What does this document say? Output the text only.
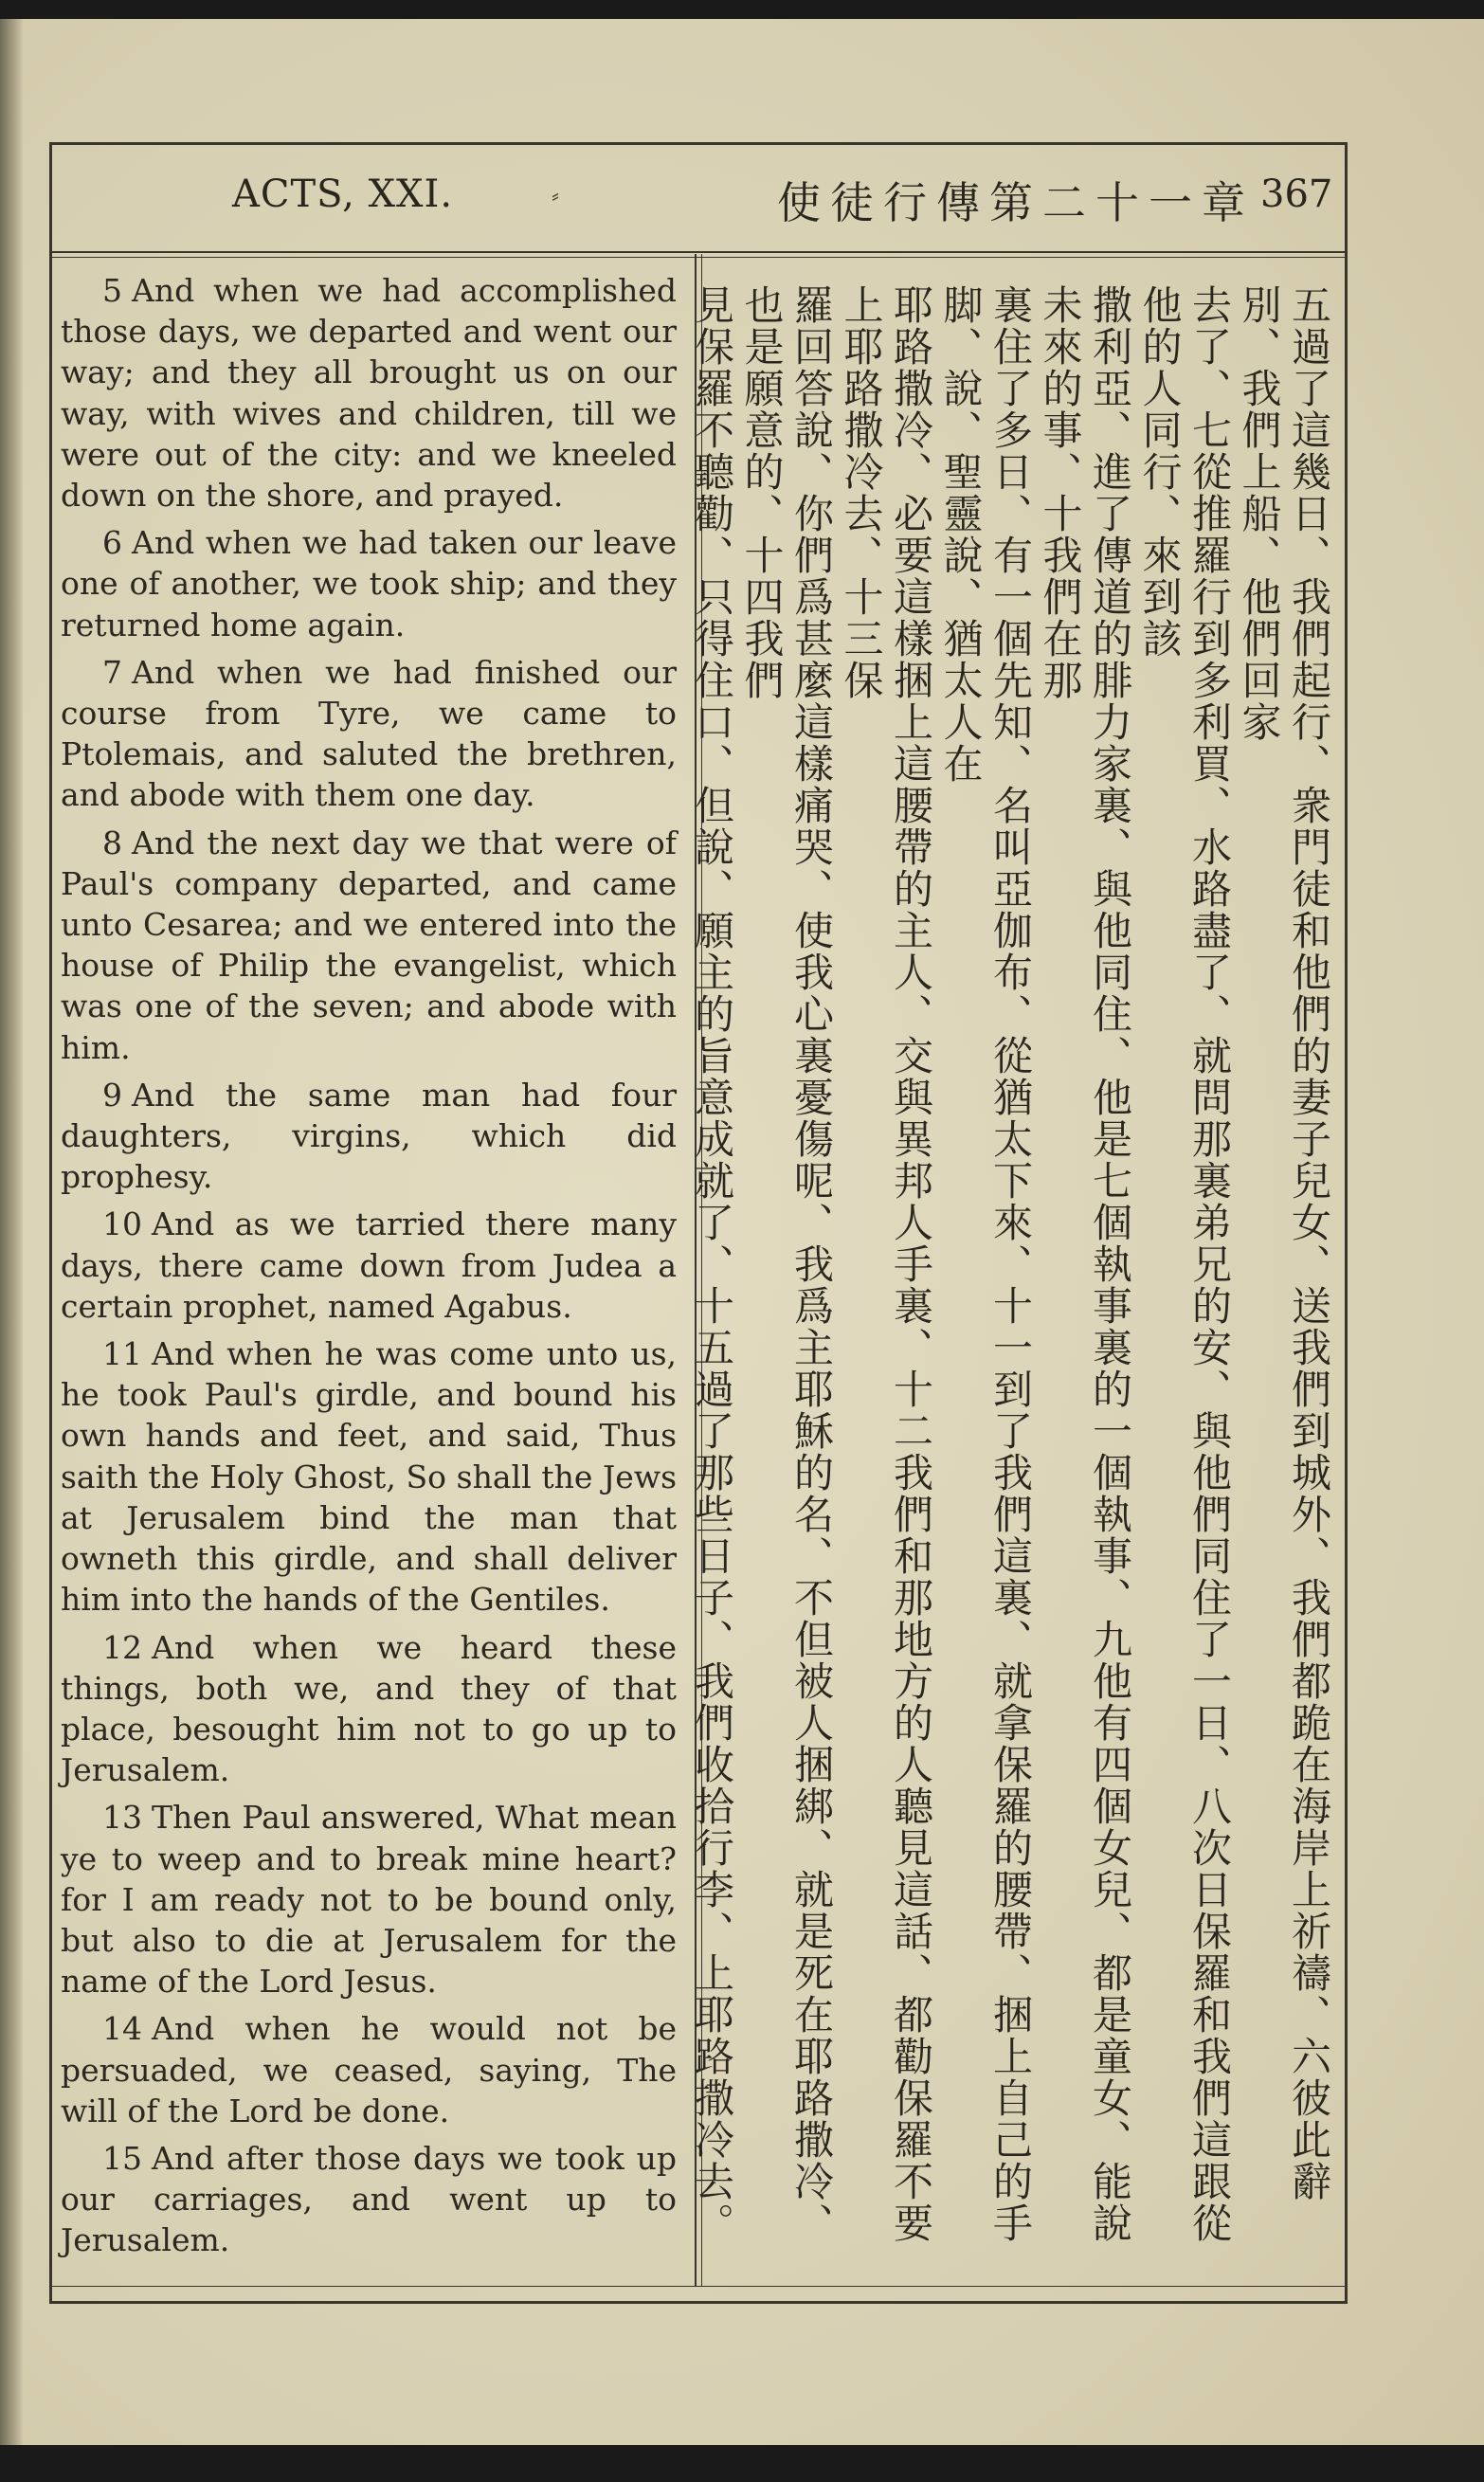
ACTS, XXI.	⸗	使徒行傳第二十一章 367

5 And when we had accomplished those days, we departed and went our way; and they all brought us on our way, with wives and children, till we were out of the city: and we kneeled down on the shore, and prayed.

6 And when we had taken our leave one of another, we took ship; and they returned home again.

7 And when we had finished our course from Tyre, we came to Ptolemais, and saluted the brethren, and abode with them one day.

8 And the next day we that were of Paul's company departed, and came unto Cesarea; and we entered into the house of Philip the evangelist, which was one of the seven; and abode with him.

9 And the same man had four daughters, virgins, which did prophesy.

10 And as we tarried there many days, there came down from Judea a certain prophet, named Agabus.

11 And when he was come unto us, he took Paul's girdle, and bound his own hands and feet, and said, Thus saith the Holy Ghost, So shall the Jews at Jerusalem bind the man that owneth this girdle, and shall deliver him into the hands of the Gentiles.

12 And when we heard these things, both we, and they of that place, besought him not to go up to Jerusalem.

13 Then Paul answered, What mean ye to weep and to break mine heart? for I am ready not to be bound only, but also to die at Jerusalem for the name of the Lord Jesus.

14 And when he would not be persuaded, we ceased, saying, The will of the Lord be done.

15 And after those days we took up our carriages, and went up to Jerusalem.

五過了這幾日、我們起行、衆門徒和他們的妻子兒女、送我們到城外、我們都跪在海岸上祈禱、六彼此辭別、我們上船、他們回家
去了、七從推羅行到多利買、水路盡了、就問那裏弟兄的安、與他們同住了一日、八次日保羅和我們這跟從他的人同行、來到該
撒利亞、進了傳道的腓力家裏、與他同住、他是七個執事裏的一個執事、九他有四個女兒、都是童女、能說未來的事、十我們在那
裏住了多日、有一個先知、名叫亞伽布、從猶太下來、十一到了我們這裏、就拿保羅的腰帶、捆上自己的手脚、說、聖靈說、猶太人在
耶路撒冷、必要這樣捆上這腰帶的主人、交與異邦人手裏、十二我們和那地方的人聽見這話、都勸保羅不要上耶路撒冷去、十三保
羅回答說、你們爲甚麼這樣痛哭、使我心裏憂傷呢、我爲主耶穌的名、不但被人捆綁、就是死在耶路撒冷、也是願意的、十四我們
見保羅不聽勸、只得住口、但說、願主的旨意成就了、十五過了那些日子、我們收拾行李、上耶路撒冷去。
